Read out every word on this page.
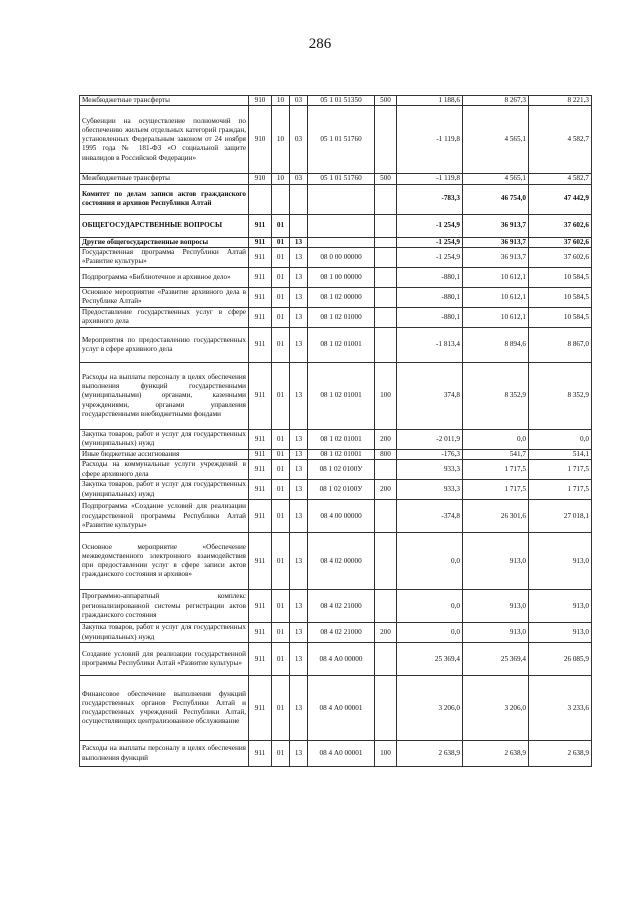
286
Межбюджетные трансферты	910	10	03	05 1 01 51350	500	1 188,6	8 267,3	8 221,3
Субвенции на осуществление полномочий по обеспечению жильем отдельных категорий граждан, установленных Федеральным законом от 24 ноября 1995 года № 181-ФЗ «О социальной защите инвалидов в Российской Федерации»	910	10	03	05 1 01 51760		-1 119,8	4 565,1	4 582,7
Межбюджетные трансферты	910	10	03	05 1 01 51760	500	-1 119,8	4 565,1	4 582,7
Комитет по делам записи актов гражданского состояния и архивов Республики Алтай						-783,3	46 754,0	47 442,9
ОБЩЕГОСУДАРСТВЕННЫЕ ВОПРОСЫ	911	01				-1 254,9	36 913,7	37 602,6
Другие общегосударственные вопросы	911	01	13			-1 254,9	36 913,7	37 602,6
Государственная программа Республики Алтай «Развитие культуры»	911	01	13	08 0 00 00000		-1 254,9	36 913,7	37 602,6
Подпрограмма «Библиотечное и архивное дело»	911	01	13	08 1 00 00000		-880,1	10 612,1	10 584,5
Основное мероприятие «Развитие архивного дела в Республике Алтай»	911	01	13	08 1 02 00000		-880,1	10 612,1	10 584,5
Предоставление государственных услуг в сфере архивного дела	911	01	13	08 1 02 01000		-880,1	10 612,1	10 584,5
Мероприятия по предоставлению государственных услуг в сфере архивного дела	911	01	13	08 1 02 01001		-1 813,4	8 894,6	8 867,0
Расходы на выплаты персоналу в целях обеспечения выполнения функций государственными (муниципальными) органами, казенными учреждениями, органами управления государственными внебюджетными фондами	911	01	13	08 1 02 01001	100	374,8	8 352,9	8 352,9
Закупка товаров, работ и услуг для государственных (муниципальных) нужд	911	01	13	08 1 02 01001	200	-2 011,9	0,0	0,0
Иные бюджетные ассигнования	911	01	13	08 1 02 01001	800	-176,3	541,7	514,1
Расходы на коммунальные услуги учреждений в сфере архивного дела	911	01	13	08 1 02 0100У		933,3	1 717,5	1 717,5
Закупка товаров, работ и услуг для государственных (муниципальных) нужд	911	01	13	08 1 02 0100У	200	933,3	1 717,5	1 717,5
Подпрограмма «Создание условий для реализации государственной программы Республики Алтай «Развитие культуры»	911	01	13	08 4 00 00000		-374,8	26 301,6	27 018,1
Основное мероприятие «Обеспечение межведомственного электронного взаимодействия при предоставлении услуг в сфере записи актов гражданского состояния и архивов»	911	01	13	08 4 02 00000		0,0	913,0	913,0
Программно-аппаратный комплекс регионализированной системы регистрации актов гражданского состояния	911	01	13	08 4 02 21000		0,0	913,0	913,0
Закупка товаров, работ и услуг для государственных (муниципальных) нужд	911	01	13	08 4 02 21000	200	0,0	913,0	913,0
Создание условий для реализации государственной программы Республики Алтай «Развитие культуры»	911	01	13	08 4 А0 00000		25 369,4	25 369,4	26 085,9
Финансовое обеспечение выполнения функций государственных органов Республики Алтай и государственных учреждений Республики Алтай, осуществляющих централизованное обслуживание	911	01	13	08 4 А0 00001		3 206,0	3 206,0	3 233,6
Расходы на выплаты персоналу в целях обеспечения выполнения функций	911	01	13	08 4 А0 00001	100	2 638,9	2 638,9	2 638,9
